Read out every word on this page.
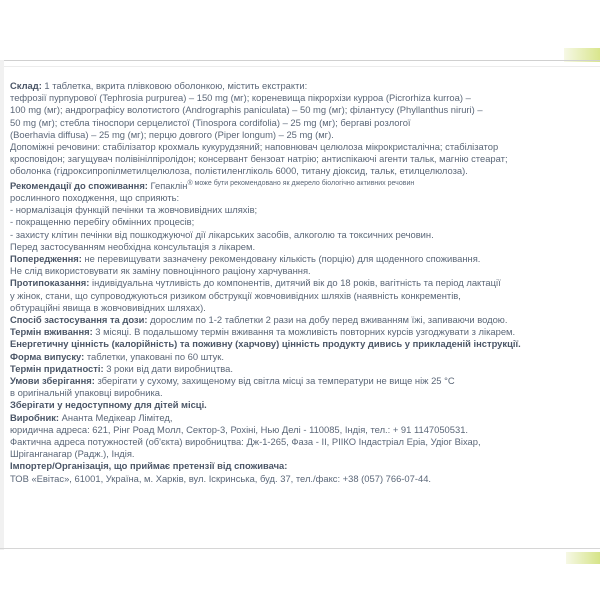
Склад: 1 таблетка, вкрита плівковою оболонкою, містить екстракти:
тефрозії пурпурової (Tephrosia purpurea) – 150 mg (мг); кореневища пікрорхізи курроа (Picrorhiza kurroa) –
100 mg (мг); андрографісу волотистого (Andrographis paniculata) – 50 mg (мг); філантусу (Phyllanthus niruri) –
50 mg (мг); стебла тіноспори серцелистої (Tinospora cordifolia) – 25 mg (мг); бергаві розлогої
(Boerhavia diffusa) – 25 mg (мг); перцю довгого (Piper longum) – 25 mg (мг).

Допоміжні речовини: стабілізатор крохмаль кукурудзяний; наповнювач целюлоза мікрокристалічна; стабілізатор
кросповідон; загущувач полівінілпіролідон; консервант бензоат натрію; антиспікаючі агенти тальк, магнію стеарат;
оболонка (гідроксипропілметилцелюлоза, полієтиленгліколь 6000, титану діоксид, тальк, етилцелюлоза).

Рекомендації до споживання: Гепаклін$^{® може бути рекомендовано як джерело біологічно активних речовин}$
рослинного походження, що сприяють:
- нормалізація функцій печінки та жовчовивідних шляхів;
- покращенню перебігу обмінних процесів;
- захисту клітин печінки від пошкоджуючої дії лікарських засобів, алкоголю та токсичних речовин.
Перед застосуванням необхідна консультація з лікарем.

Попередження: не перевищувати зазначену рекомендовану кількість (порцію) для щоденного споживання.
Не слід використовувати як заміну повноцінного раціону харчування.

Протипоказання: індивідуальна чутливість до компонентів, дитячий вік до 18 років, вагітність та період лактації
у жінок, стани, що супроводжуються ризиком обструкції жовчовивідних шляхів (наявність конкрементів,
обтураційні явища в жовчовивідних шляхах).

Спосіб застосування та дози: дорослим по 1-2 таблетки 2 рази на добу перед вживанням їжі, запиваючи водою.

Термін вживання: 3 місяці. В подальшому термін вживання та можливість повторних курсів узгоджувати з лікарем.

Енергетичну цінність (калорійність) та поживну (харчову) цінність продукту дивись у прикладеній інструкції.

Форма випуску: таблетки, упаковані по 60 штук.

Термін придатності: 3 роки від дати виробництва.

Умови зберігання: зберігати у сухому, захищеному від світла місці за температури не вище ніж 25 °C
в оригінальній упаковці виробника.

Зберігати у недоступному для дітей місці.

Виробник: Ананта Медікеар Лімітед,
юридична адреса: 621, Рінг Роад Молл, Сектор-3, Рохіні, Нью Делі - 110085, Індія, тел.: + 91 1147050531.
Фактична адреса потужностей (об'єкта) виробництва: Дж-1-265, Фаза - ІІ, РІІКО Індастріал Еріа, Удіог Віхар,
Шріганганагар (Радж.), Індія.

Імпортер/Організація, що приймає претензії від споживача:
ТОВ «Евітас», 61001, Україна, м. Харків, вул. Іскринська, буд. 37, тел./факс: +38 (057) 766-07-44.
